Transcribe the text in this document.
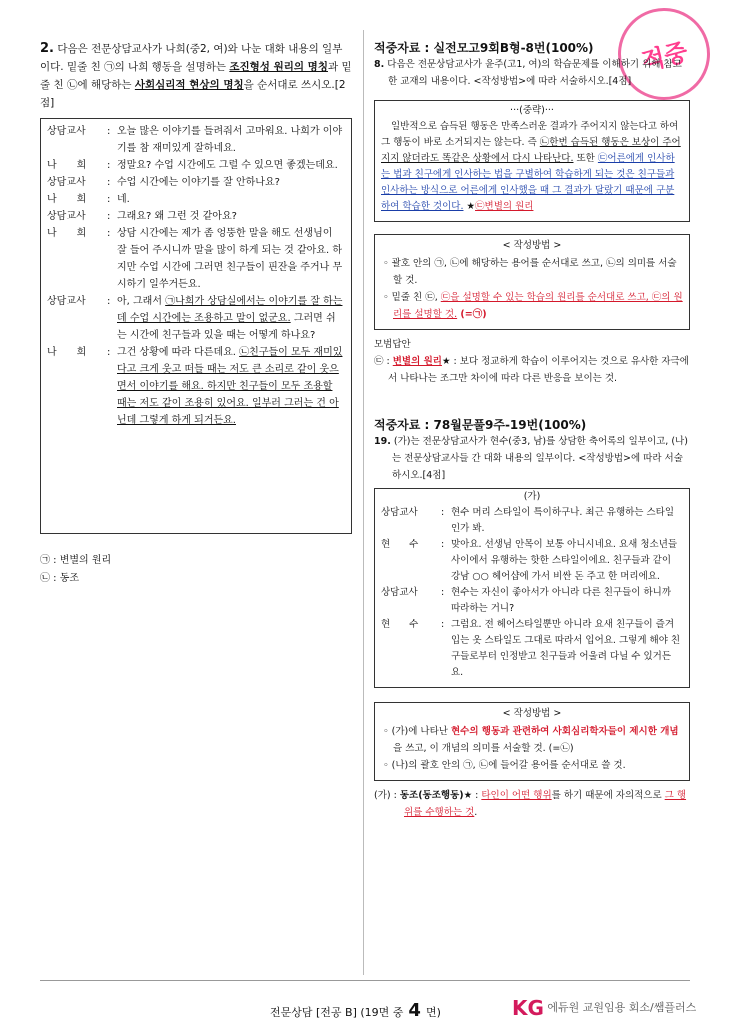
적중
2. 다음은 전문상담교사가 나희(중2, 여)와 나눈 대화 내용의 일부이다. 밑줄 친 ㉠의 나희 행동을 설명하는 조진형성 원리의 명칭과 밑줄 친 ㉡에 해당하는 사회심리적 현상의 명칭을 순서대로 쓰시오.[2점]
상담교사	: 오늘 많은 이야기를 들려줘서 고마워요. 나희가 이야기를 참 재미있게 잘하네요.
나　　희	: 정말요? 수업 시간에도 그럴 수 있으면 좋겠는데요.
상담교사	: 수업 시간에는 이야기를 잘 안하나요?
나　　희	: 네.
상담교사	: 그래요? 왜 그런 것 같아요?
나　　희	: 상담 시간에는 제가 좀 엉뚱한 말을 해도 선생님이 잘 들어 주시니까 말을 많이 하게 되는 것 같아요. 하지만 수업 시간에 그러면 친구들이 핀잔을 주거나 무시하기 일쑤거든요.
상담교사	: 아, 그래서 ㉠나희가 상담실에서는 이야기를 잘 하는데 수업 시간에는 조용하고 말이 없군요. 그러면 쉬는 시간에 친구들과 있을 때는 어떻게 하나요?
나　　희	: 그건 상황에 따라 다른데요. ㉡친구들이 모두 재미있다고 크게 웃고 떠들 때는 저도 큰 소리로 같이 웃으면서 이야기를 해요. 하지만 친구들이 모두 조용할 때는 저도 같이 조용히 있어요. 일부러 그러는 건 아닌데 그렇게 하게 되거든요.
㉠ : 변별의 원리
㉡ : 동조
적중자료 : 실전모고9회B형-8번(100%)
8. 다음은 전문상담교사가 윤주(고1, 여)의 학습문제를 이해하기 위해 참고한 교재의 내용이다. <작성방법>에 따라 서술하시오.[4점]
···(중략)···
일반적으로 습득된 행동은 만족스러운 결과가 주어지지 않는다고 하여 그 행동이 바로 소거되지는 않는다. 즉 ㉡한번 습득된 행동은 보상이 주어지지 않더라도 똑같은 상황에서 다시 나타난다. 또한 ㉢어른에게 인사하는 법과 친구에게 인사하는 법을 구별하여 학습하게 되는 것은 친구들과 인사하는 방식으로 어른에게 인사했을 때 그 결과가 달랐기 때문에 구분하여 학습한 것이다. ★㉢변별의 원리
< 작성방법 >
◦ 괄호 안의 ㉠, ㉡에 해당하는 용어를 순서대로 쓰고, ㉡의 의미를 서술할 것.
◦ 밑줄 친 ㉢, ㉢을 설명할 수 있는 학습의 원리를 순서대로 쓰고, ㉢의 원리를 설명할 것. (=㉠)
모범답안
㉢ : 변별의 원리★ : 보다 정교하게 학습이 이루어지는 것으로 유사한 자극에서 나타나는 조그만 차이에 따라 다른 반응을 보이는 것.
적중자료 : 78월문풀9주-19번(100%)
19. (가)는 전문상담교사가 현수(중3, 남)를 상담한 축어록의 일부이고, (나)는 전문상담교사들 간 대화 내용의 일부이다. <작성방법>에 따라 서술하시오.[4점]
(가)
상담교사	: 현수 머리 스타일이 특이하구나. 최근 유행하는 스타일인가 봐.
현　　수	: 맞아요. 선생님 안목이 보통 아니시네요. 요새 청소년들 사이에서 유행하는 핫한 스타일이에요. 친구들과 같이 강남 ○○ 헤어샵에 가서 비싼 돈 주고 한 머리에요.
상담교사	: 현수는 자신이 좋아서가 아니라 다른 친구들이 하니까 따라하는 거니?
현　　수	: 그럼요. 전 헤어스타일뿐만 아니라 요새 친구들이 즐겨 입는 옷 스타일도 그대로 따라서 입어요. 그렇게 해야 친구들로부터 인정받고 친구들과 어울려 다닐 수 있거든요.
< 작성방법 >
◦ (가)에 나타난 현수의 행동과 관련하여 사회심리학자들이 제시한 개념을 쓰고, 이 개념의 의미를 서술할 것. (=㉡)
◦ (나)의 괄호 안의 ㉠, ㉡에 들어갈 용어를 순서대로 쓸 것.
(가) : 동조(동조행동)★ : 타인이 어떤 행위를 하기 때문에 자의적으로 그 행위를 수행하는 것.
전문상담 [전공 B] (19면 중 4 면)	KG 에듀원 교원임용 회소/쌤플러스
